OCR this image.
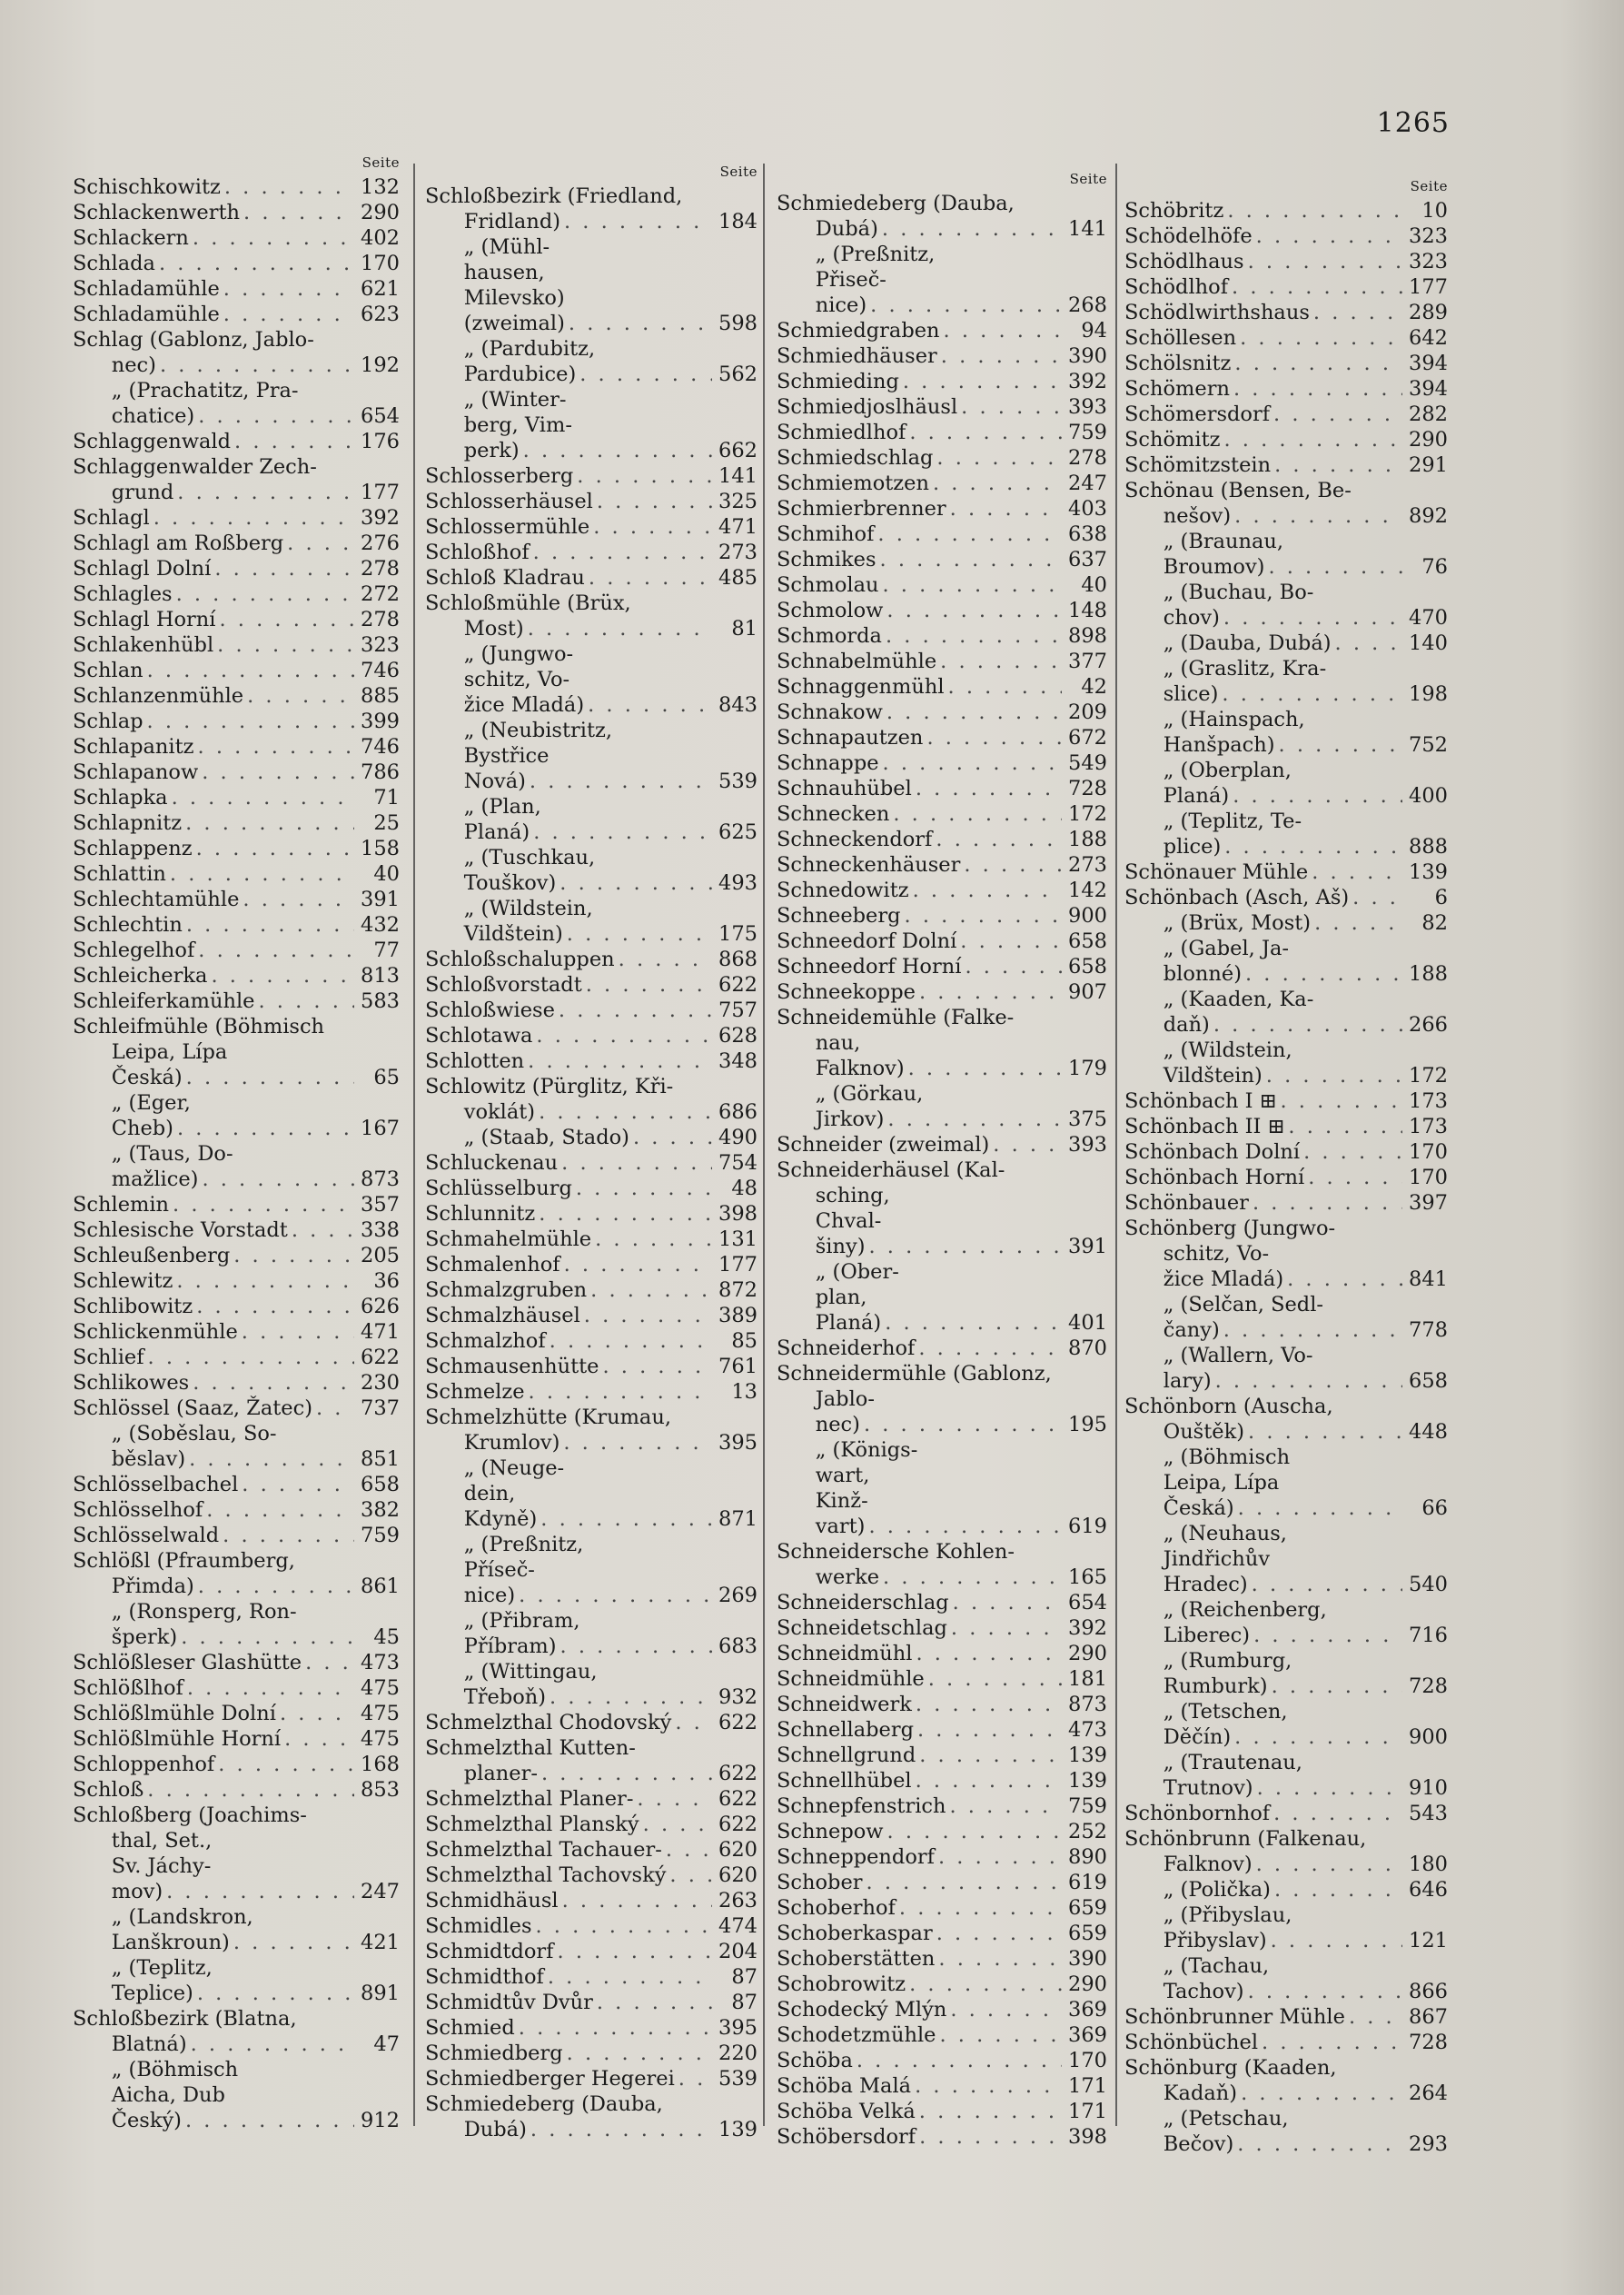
1265
Seite
Schischkowitz . . .	132
Schlackenwerth . . .	290
Schlackern . . .	402
Schlada . . .	170
Schladamühle . . .	621
Schladamühle . . .	623
Schlag (Gablonz, Jablo-
nec) . . .	192
„ (Prachatitz, Pra-
chatice) . . .	654
Schlaggenwald . . .	176
Schlaggenwalder Zech-
grund . . .	177
Schlagl . . .	392
Schlagl am Roßberg . . .	276
Schlagl Dolní . . .	278
Schlagles . . .	272
Schlagl Horní . . .	278
Schlakenhübl . . .	323
Schlan . . .	746
Schlanzenmühle . . .	885
Schlap . . .	399
Schlapanitz . . .	746
Schlapanow . . .	786
Schlapka . . .	71
Schlapnitz . . .	25
Schlappenz . . .	158
Schlattin . . .	40
Schlechtamühle . . .	391
Schlechtin . . .	432
Schlegelhof . . .	77
Schleicherka . . .	813
Schleiferkamühle . . .	583
Schleifmühle (Böhmisch
Leipa, Lípa
Česká) . . .	65
„ (Eger,
Cheb) . . .	167
„ (Taus, Do-
mažlice) . . .	873
Schlemin . . .	357
Schlesische Vorstadt . . .	338
Schleußenberg . . .	205
Schlewitz . . .	36
Schlibowitz . . .	626
Schlickenmühle . . .	471
Schlief . . .	622
Schlikowes . . .	230
Schlössel (Saaz, Žatec) . . . 737
„ (Soběslau, So-
běslav) . . .	851
Schlösselbachel . . .	658
Schlösselhof . . .	382
Schlösselwald . . .	759
Schlößl (Pfraumberg,
Přimda) . . .	861
„ (Ronsperg, Ron-
šperk) . . .	45
Schlößleser Glashütte . . .	473
Schlößlhof . . .	475
Schlößlmühle Dolní . . .	475
Schlößlmühle Horní . . .	475
Schloppenhof . . .	168
Schloß . . .	853
Schloßberg (Joachims-
thal, Set.,
Sv. Jáchy-
mov) . . .	247
„ (Landskron,
Lanškroun) . . .	421
„ (Teplitz,
Teplice) . . .	891
Schloßbezirk (Blatna,
Blatná) . . .	47
„ (Böhmisch
Aicha, Dub
Český) . . .	912
Seite
Schloßbezirk (Friedland,
Fridland) . . .	184
„ (Mühl-
hausen,
Milevsko)
(zweimal) . . .	598
„ (Pardubitz,
Pardubice) . . .	562
„ (Winter-
berg, Vim-
perk) . . .	662
Schlosserberg . . .	141
Schlosserhäusel . . .	325
Schlossermühle . . .	471
Schloßhof . . .	273
Schloß Kladrau . . .	485
Schloßmühle (Brüx,
Most) . . .	81
„ (Jungwo-
schitz, Vo-
žice Mladá) . . .	843
„ (Neubistritz,
Bystřice
Nová) . . .	539
„ (Plan,
Planá) . . .	625
„ (Tuschkau,
Touškov) . . .	493
„ (Wildstein,
Vildštein) . . .	175
Schloßschaluppen . . .	868
Schloßvorstadt . . .	622
Schloßwiese . . .	757
Schlotawa . . .	628
Schlotten . . .	348
Schlowitz (Pürglitz, Kři-
voklát) . . .	686
„ (Staab, Stado) . . .	490
Schluckenau . . .	754
Schlüsselburg . . .	48
Schlunnitz . . .	398
Schmahelmühle . . .	131
Schmalenhof . . .	177
Schmalzgruben . . .	872
Schmalzhäusel . . .	389
Schmalzhof . . .	85
Schmausenhütte . . .	761
Schmelze . . .	13
Schmelzhütte (Krumau,
Krumlov) . . .	395
„ (Neuge-
dein,
Kdyně) . . .	871
„ (Preßnitz,
Příseč-
nice) . . .	269
„ (Přibram,
Příbram) . . .	683
„ (Wittingau,
Třeboň) . . .	932
Schmelzthal Chodovský . . . 622
Schmelzthal Kutten-
planer- . . .	622
Schmelzthal Planer- . . .	622
Schmelzthal Planský . . .	622
Schmelzthal Tachauer- . . .	620
Schmelzthal Tachovský . . .	620
Schmidhäusl . . .	263
Schmidles . . .	474
Schmidtdorf . . .	204
Schmidthof . . .	87
Schmidtův Dvůr . . .	87
Schmied . . .	395
Schmiedberg . . .	220
Schmiedberger Hegerei . . . 539
Schmiedeberg (Dauba,
Dubá) . . .	139
Seite
Schmiedeberg (Dauba,
Dubá) . . .	141
„ (Preßnitz,
Přiseč-
nice) . . .	268
Schmiedgraben . . .	94
Schmiedhäuser . . .	390
Schmieding . . .	392
Schmiedjoslhäusl . . .	393
Schmiedlhof . . .	759
Schmiedschlag . . .	278
Schmiemotzen . . .	247
Schmierbrenner . . .	403
Schmihof . . .	638
Schmikes . . .	637
Schmolau . . .	40
Schmolow . . .	148
Schmorda . . .	898
Schnabelmühle . . .	377
Schnaggenmühl . . .	42
Schnakow . . .	209
Schnapautzen . . .	672
Schnappe . . .	549
Schnauhübel . . .	728
Schnecken . . .	172
Schneckendorf . . .	188
Schneckenhäuser . . .	273
Schnedowitz . . .	142
Schneeberg . . .	900
Schneedorf Dolní . . .	658
Schneedorf Horní . . .	658
Schneekoppe . . .	907
Schneidemühle (Falke-
nau,
Falknov) . . .	179
„ (Görkau,
Jirkov) . . .	375
Schneider (zweimal) . . .	393
Schneiderhäusel (Kal-
sching,
Chval-
šiny) . . .	391
„ (Ober-
plan,
Planá) . . .	401
Schneiderhof . . .	870
Schneidermühle (Gablonz,
Jablo-
nec) . . .	195
„ (Königs-
wart,
Kinž-
vart) . . .	619
Schneidersche Kohlen-
werke . . .	165
Schneiderschlag . . .	654
Schneidetschlag . . .	392
Schneidmühl . . .	290
Schneidmühle . . .	181
Schneidwerk . . .	873
Schnellaberg . . .	473
Schnellgrund . . .	139
Schnellhübel . . .	139
Schnepfenstrich . . .	759
Schnepow . . .	252
Schneppendorf . . .	890
Schober . . .	619
Schoberhof . . .	659
Schoberkaspar . . .	659
Schoberstätten . . .	390
Schobrowitz . . .	290
Schodecký Mlýn . . .	369
Schodetzmühle . . .	369
Schöba . . .	170
Schöba Malá . . .	171
Schöba Velká . . .	171
Schöbersdorf . . .	398
Seite
Schöbritz . . .	10
Schödelhöfe . . .	323
Schödlhaus . . .	323
Schödlhof . . .	177
Schödlwirthshaus . . .	289
Schöllesen . . .	642
Schölsnitz . . .	394
Schömern . . .	394
Schömersdorf . . .	282
Schömitz . . .	290
Schömitzstein . . .	291
Schönau (Bensen, Be-
nešov) . . .	892
„ (Braunau,
Broumov) . . .	76
„ (Buchau, Bo-
chov) . . .	470
„ (Dauba, Dubá) . . .	140
„ (Graslitz, Kra-
slice) . . .	198
„ (Hainspach,
Hanšpach) . . .	752
„ (Oberplan,
Planá) . . .	400
„ (Teplitz, Te-
plice) . . .	888
Schönauer Mühle . . .	139
Schönbach (Asch, Aš) . . .	6
„ (Brüx, Most) . . .	82
„ (Gabel, Ja-
blonné) . . .	188
„ (Kaaden, Ka-
daň) . . .	266
„ (Wildstein,
Vildštein) . . .	172
Schönbach I ⊞ . . .	173
Schönbach II ⊞ . . .	173
Schönbach Dolní . . .	170
Schönbach Horní . . .	170
Schönbauer . . .	397
Schönberg (Jungwo-
schitz, Vo-
žice Mladá) . . .	841
„ (Selčan, Sedl-
čany) . . .	778
„ (Wallern, Vo-
lary) . . .	658
Schönborn (Auscha,
Ouštěk) . . .	448
„ (Böhmisch
Leipa, Lípa
Česká) . . .	66
„ (Neuhaus,
Jindřichův
Hradec) . . .	540
„ (Reichenberg,
Liberec) . . .	716
„ (Rumburg,
Rumburk) . . .	728
„ (Tetschen,
Děčín) . . .	900
„ (Trautenau,
Trutnov) . . .	910
Schönbornhof . . .	543
Schönbrunn (Falkenau,
Falknov) . . .	180
„ (Polička) . . .	646
„ (Přibyslau,
Přibyslav) . . .	121
„ (Tachau,
Tachov) . . .	866
Schönbrunner Mühle . . .	867
Schönbüchel . . .	728
Schönburg (Kaaden,
Kadaň) . . .	264
„ (Petschau,
Bečov) . . .	293
